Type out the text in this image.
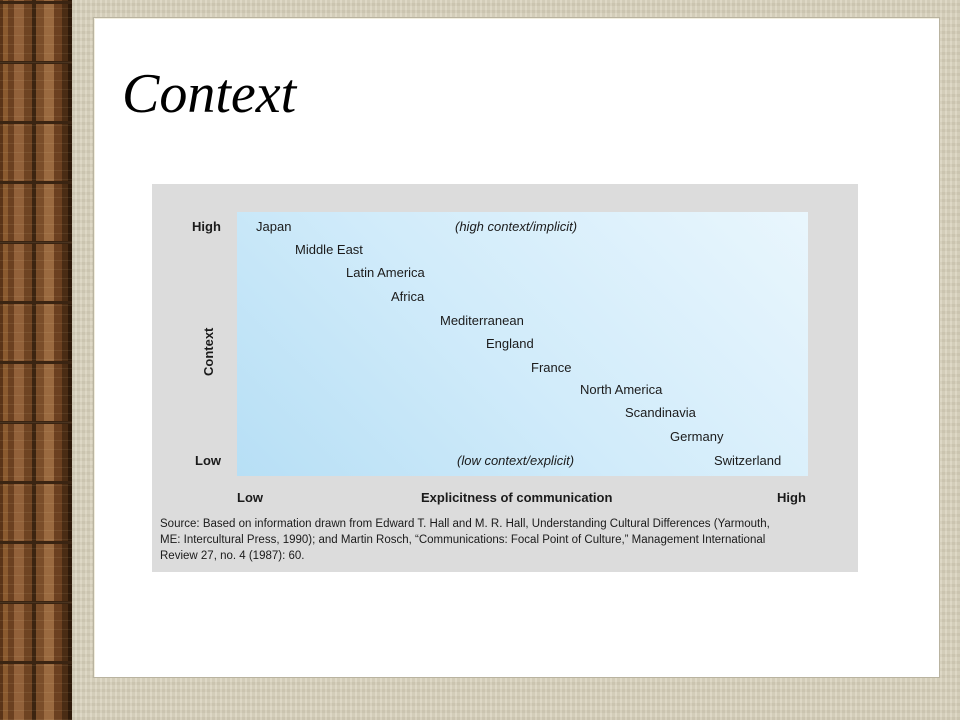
Context
High
Context
Low
(high context/implicit)
(low context/explicit)
Japan
Middle East
Latin America
Africa
Mediterranean
England
France
North America
Scandinavia
Germany
Switzerland
Low	Explicitness of communication	High
Source: Based on information drawn from Edward T. Hall and M. R. Hall, Understanding Cultural Differences (Yarmouth,
ME: Intercultural Press, 1990); and Martin Rosch, “Communications: Focal Point of Culture,” Management International
Review 27, no. 4 (1987): 60.
